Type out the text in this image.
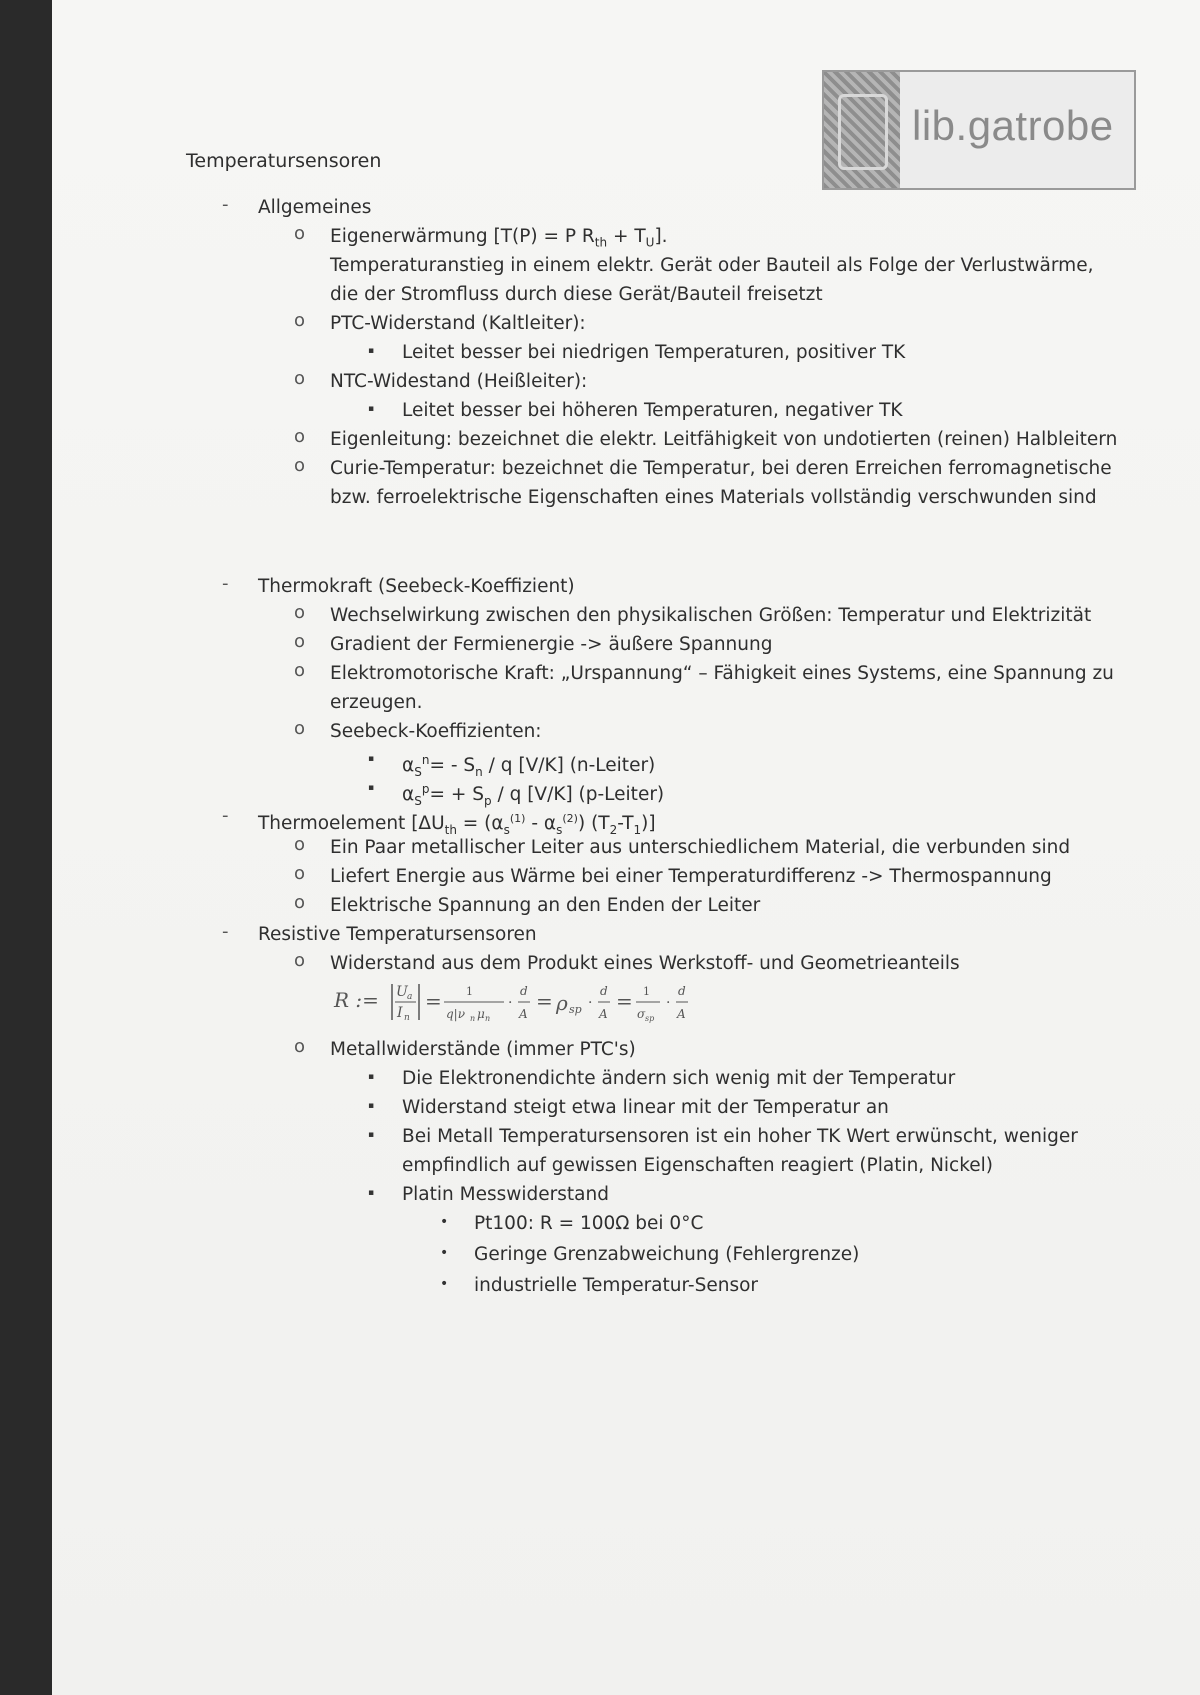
lib.gatrobe
Temperatursensoren
- Allgemeines
o Eigenerwärmung [T(P) = P $R_{th} + T_U$].
Temperaturanstieg in einem elektr. Gerät oder Bauteil als Folge der Verlustwärme,
die der Stromfluss durch diese Gerät/Bauteil freisetzt
o PTC-Widerstand (Kaltleiter):
▪ Leitet besser bei niedrigen Temperaturen, positiver TK
o NTC-Widestand (Heißleiter):
▪ Leitet besser bei höheren Temperaturen, negativer TK
o Eigenleitung: bezeichnet die elektr. Leitfähigkeit von undotierten (reinen) Halbleitern
o Curie-Temperatur: bezeichnet die Temperatur, bei deren Erreichen ferromagnetische
bzw. ferroelektrische Eigenschaften eines Materials vollständig verschwunden sind
- Thermokraft (Seebeck-Koeffizient)
o Wechselwirkung zwischen den physikalischen Größen: Temperatur und Elektrizität
o Gradient der Fermienergie -> äußere Spannung
o Elektromotorische Kraft: „Urspannung“ – Fähigkeit eines Systems, eine Spannung zu
erzeugen.
o Seebeck-Koeffizienten:
▪ $\alpha_S^n= - S_n / q$ [V/K] (n-Leiter)
▪ $\alpha_S^p= + S_p / q$ [V/K] (p-Leiter)
- Thermoelement [$\Delta U_{th} = (\alpha_s^{(1)} - \alpha_s^{(2)})$ $(T_2-T_1)$]
o Ein Paar metallischer Leiter aus unterschiedlichem Material, die verbunden sind
o Liefert Energie aus Wärme bei einer Temperaturdifferenz -> Thermospannung
o Elektrische Spannung an den Enden der Leiter
- Resistive Temperatursensoren
o Widerstand aus dem Produkt eines Werkstoff- und Geometrieanteils
R := U a
I n
= 1
q|ν n μ n
·
d
A
= ρ sp ·
d
A
= 1
σ sp
·
d
A
o Metallwiderstände (immer PTC's)
▪ Die Elektronendichte ändern sich wenig mit der Temperatur
▪ Widerstand steigt etwa linear mit der Temperatur an
▪ Bei Metall Temperatursensoren ist ein hoher TK Wert erwünscht, weniger
empfindlich auf gewissen Eigenschaften reagiert (Platin, Nickel)
▪ Platin Messwiderstand
• Pt100: R = 100Ω bei 0°C
• Geringe Grenzabweichung (Fehlergrenze)
• industrielle Temperatur-Sensor
